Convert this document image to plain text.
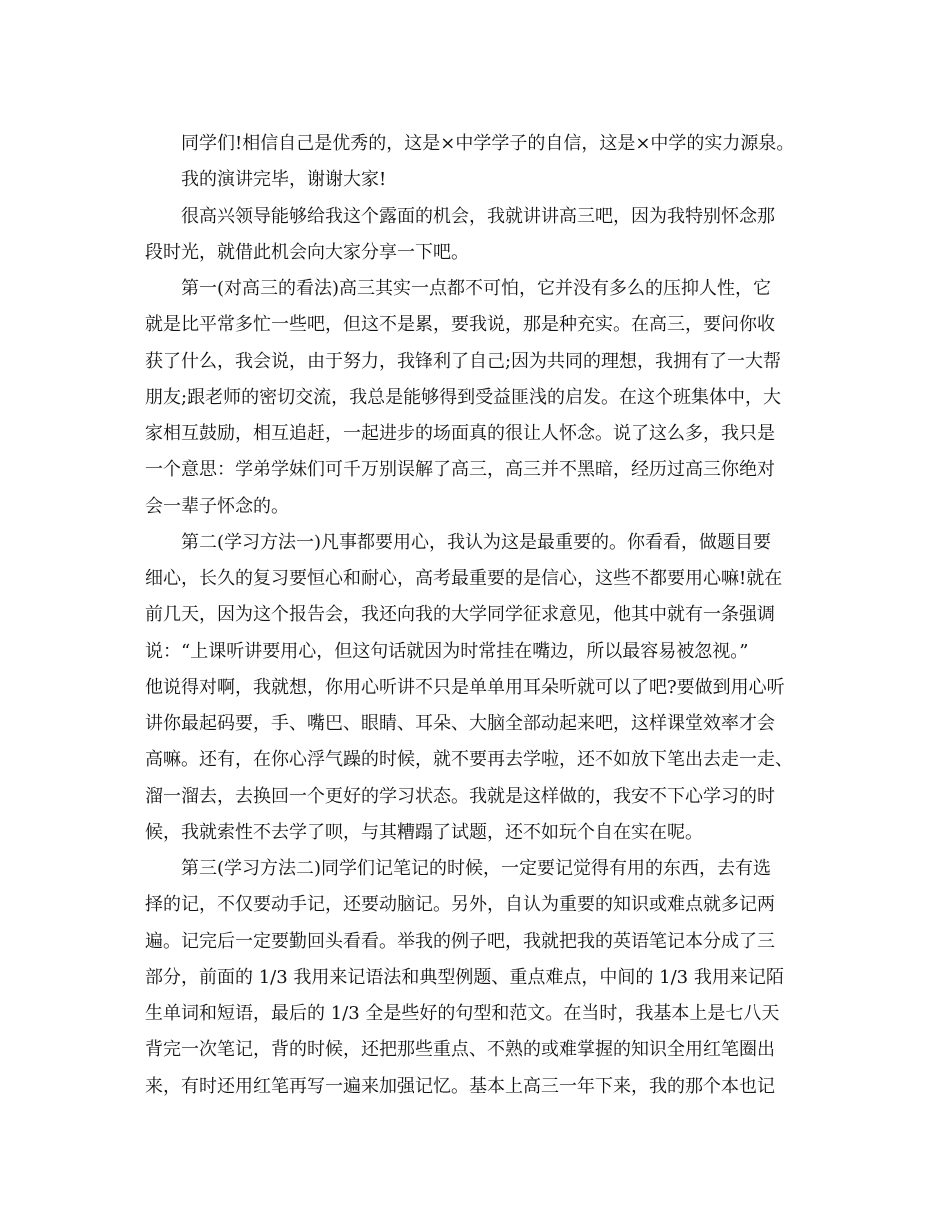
同学们!相信自己是优秀的，这是×中学学子的自信，这是×中学的实力源泉。
我的演讲完毕，谢谢大家!
很高兴领导能够给我这个露面的机会，我就讲讲高三吧，因为我特别怀念那
段时光，就借此机会向大家分享一下吧。
第一(对高三的看法)高三其实一点都不可怕，它并没有多么的压抑人性，它
就是比平常多忙一些吧，但这不是累，要我说，那是种充实。在高三，要问你收
获了什么，我会说，由于努力，我锋利了自己;因为共同的理想，我拥有了一大帮
朋友;跟老师的密切交流，我总是能够得到受益匪浅的启发。在这个班集体中，大
家相互鼓励，相互追赶，一起进步的场面真的很让人怀念。说了这么多，我只是
一个意思：学弟学妹们可千万别误解了高三，高三并不黑暗，经历过高三你绝对
会一辈子怀念的。
第二(学习方法一)凡事都要用心，我认为这是最重要的。你看看，做题目要
细心，长久的复习要恒心和耐心，高考最重要的是信心，这些不都要用心嘛!就在
前几天，因为这个报告会，我还向我的大学同学征求意见，他其中就有一条强调
说：“上课听讲要用心，但这句话就因为时常挂在嘴边，所以最容易被忽视。”
他说得对啊，我就想，你用心听讲不只是单单用耳朵听就可以了吧?要做到用心听
讲你最起码要，手、嘴巴、眼睛、耳朵、大脑全部动起来吧，这样课堂效率才会
高嘛。还有，在你心浮气躁的时候，就不要再去学啦，还不如放下笔出去走一走、
溜一溜去，去换回一个更好的学习状态。我就是这样做的，我安不下心学习的时
候，我就索性不去学了呗，与其糟蹋了试题，还不如玩个自在实在呢。
第三(学习方法二)同学们记笔记的时候，一定要记觉得有用的东西，去有选
择的记，不仅要动手记，还要动脑记。另外，自认为重要的知识或难点就多记两
遍。记完后一定要勤回头看看。举我的例子吧，我就把我的英语笔记本分成了三
部分，前面的 1/3 我用来记语法和典型例题、重点难点，中间的 1/3 我用来记陌
生单词和短语，最后的 1/3 全是些好的句型和范文。在当时，我基本上是七八天
背完一次笔记，背的时候，还把那些重点、不熟的或难掌握的知识全用红笔圈出
来，有时还用红笔再写一遍来加强记忆。基本上高三一年下来，我的那个本也记
